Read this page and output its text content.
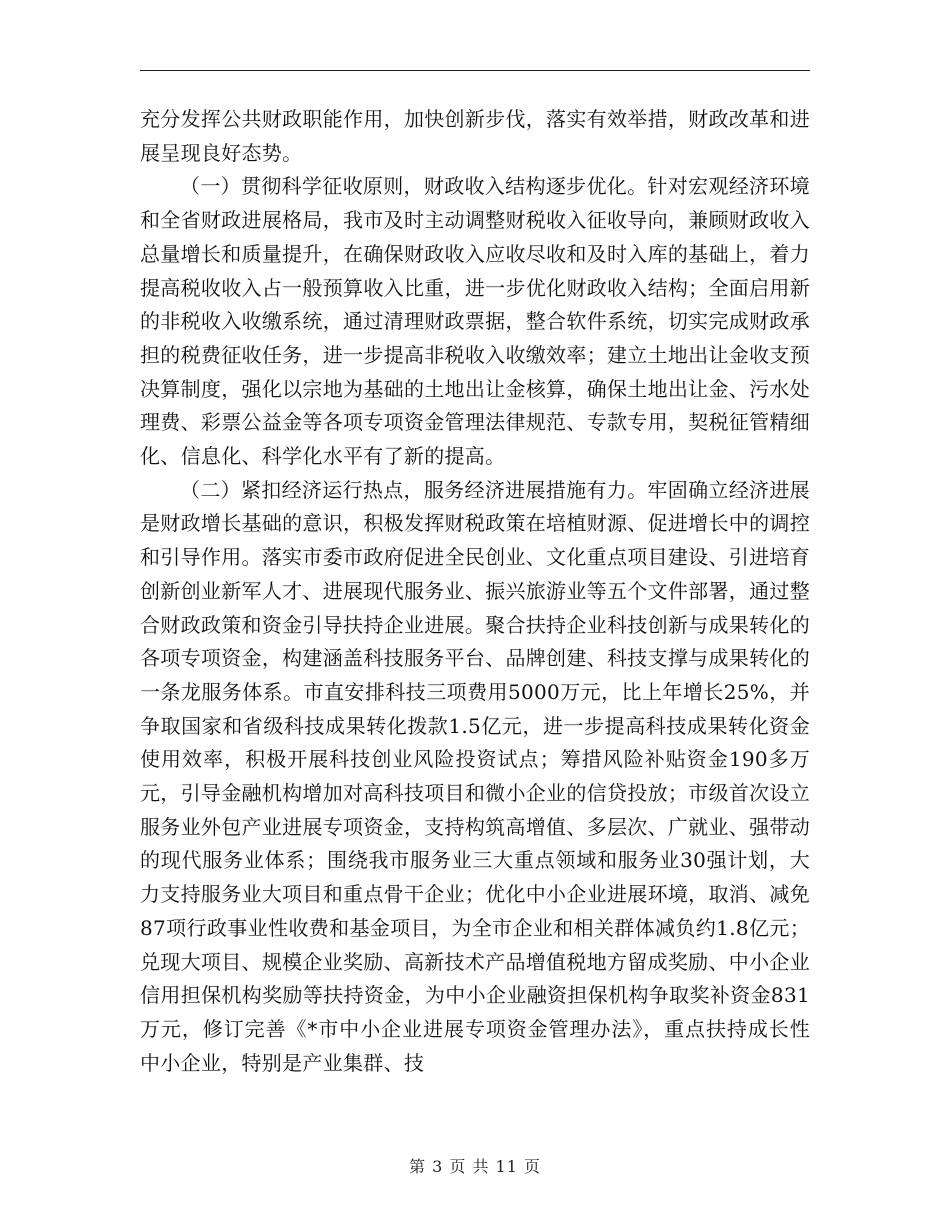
充分发挥公共财政职能作用，加快创新步伐，落实有效举措，财政改革和进展呈现良好态势。

（一）贯彻科学征收原则，财政收入结构逐步优化。针对宏观经济环境和全省财政进展格局，我市及时主动调整财税收入征收导向，兼顾财政收入总量增长和质量提升，在确保财政收入应收尽收和及时入库的基础上，着力提高税收收入占一般预算收入比重，进一步优化财政收入结构；全面启用新的非税收入收缴系统，通过清理财政票据，整合软件系统，切实完成财政承担的税费征收任务，进一步提高非税收入收缴效率；建立土地出让金收支预决算制度，强化以宗地为基础的土地出让金核算，确保土地出让金、污水处理费、彩票公益金等各项专项资金管理法律规范、专款专用，契税征管精细化、信息化、科学化水平有了新的提高。

（二）紧扣经济运行热点，服务经济进展措施有力。牢固确立经济进展是财政增长基础的意识，积极发挥财税政策在培植财源、促进增长中的调控和引导作用。落实市委市政府促进全民创业、文化重点项目建设、引进培育创新创业新军人才、进展现代服务业、振兴旅游业等五个文件部署，通过整合财政政策和资金引导扶持企业进展。聚合扶持企业科技创新与成果转化的各项专项资金，构建涵盖科技服务平台、品牌创建、科技支撑与成果转化的一条龙服务体系。市直安排科技三项费用5000万元，比上年增长25%，并争取国家和省级科技成果转化拨款1.5亿元，进一步提高科技成果转化资金使用效率，积极开展科技创业风险投资试点；筹措风险补贴资金190多万元，引导金融机构增加对高科技项目和微小企业的信贷投放；市级首次设立服务业外包产业进展专项资金，支持构筑高增值、多层次、广就业、强带动的现代服务业体系；围绕我市服务业三大重点领域和服务业30强计划，大力支持服务业大项目和重点骨干企业；优化中小企业进展环境，取消、减免87项行政事业性收费和基金项目，为全市企业和相关群体减负约1.8亿元；兑现大项目、规模企业奖励、高新技术产品增值税地方留成奖励、中小企业信用担保机构奖励等扶持资金，为中小企业融资担保机构争取奖补资金831万元，修订完善《*市中小企业进展专项资金管理办法》，重点扶持成长性中小企业，特别是产业集群、技

第 3 页 共 11 页
